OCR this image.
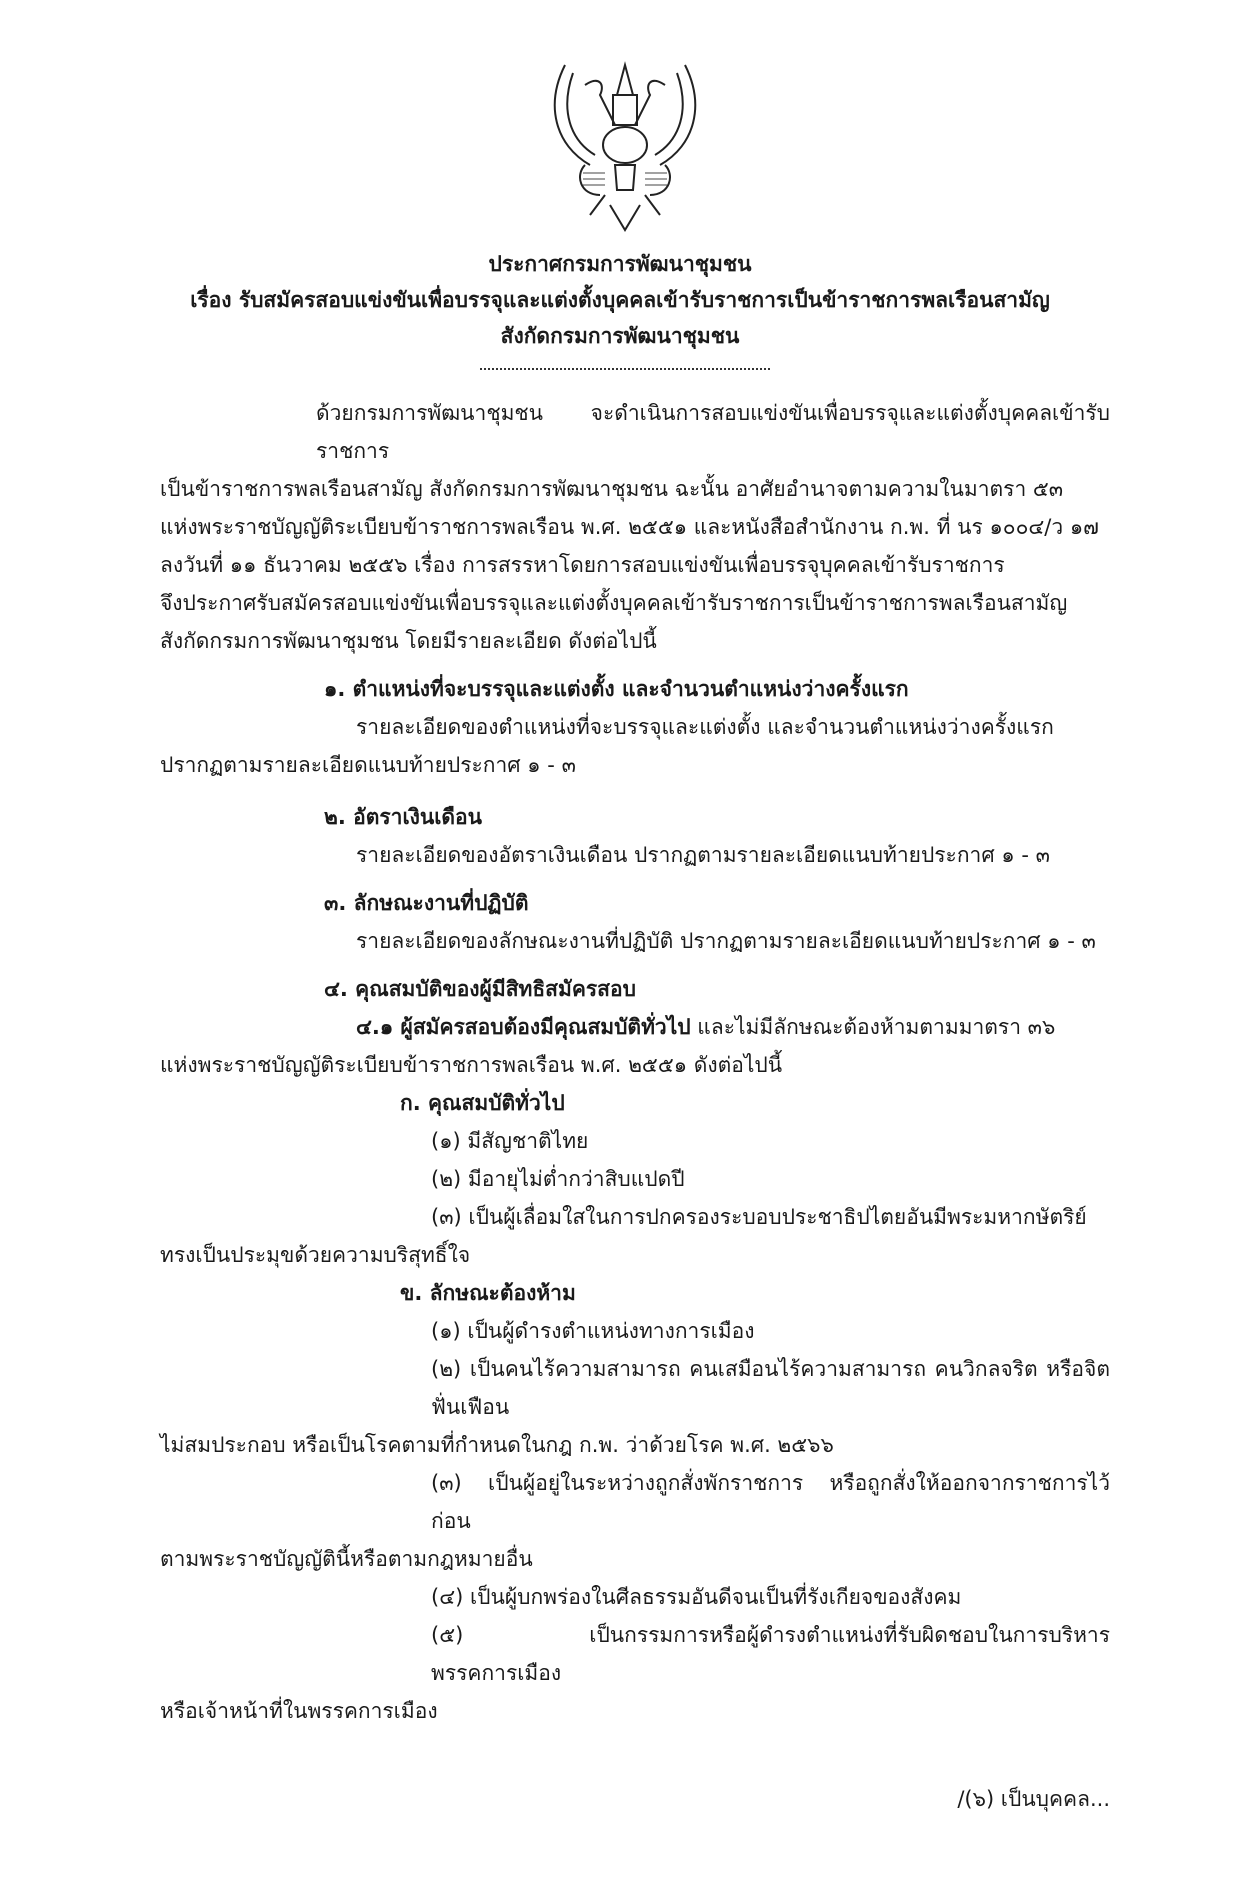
ประกาศกรมการพัฒนาชุมชน
เรื่อง รับสมัครสอบแข่งขันเพื่อบรรจุและแต่งตั้งบุคคลเข้ารับราชการเป็นข้าราชการพลเรือนสามัญ
สังกัดกรมการพัฒนาชุมชน
ด้วยกรมการพัฒนาชุมชน จะดำเนินการสอบแข่งขันเพื่อบรรจุและแต่งตั้งบุคคลเข้ารับราชการ
เป็นข้าราชการพลเรือนสามัญ สังกัดกรมการพัฒนาชุมชน ฉะนั้น อาศัยอำนาจตามความในมาตรา ๕๓
แห่งพระราชบัญญัติระเบียบข้าราชการพลเรือน พ.ศ. ๒๕๕๑ และหนังสือสำนักงาน ก.พ. ที่ นร ๑๐๐๔/ว ๑๗
ลงวันที่ ๑๑ ธันวาคม ๒๕๕๖ เรื่อง การสรรหาโดยการสอบแข่งขันเพื่อบรรจุบุคคลเข้ารับราชการ
จึงประกาศรับสมัครสอบแข่งขันเพื่อบรรจุและแต่งตั้งบุคคลเข้ารับราชการเป็นข้าราชการพลเรือนสามัญ
สังกัดกรมการพัฒนาชุมชน โดยมีรายละเอียด ดังต่อไปนี้
๑. ตำแหน่งที่จะบรรจุและแต่งตั้ง และจำนวนตำแหน่งว่างครั้งแรก
รายละเอียดของตำแหน่งที่จะบรรจุและแต่งตั้ง และจำนวนตำแหน่งว่างครั้งแรก
ปรากฏตามรายละเอียดแนบท้ายประกาศ ๑ - ๓
๒. อัตราเงินเดือน
รายละเอียดของอัตราเงินเดือน ปรากฏตามรายละเอียดแนบท้ายประกาศ ๑ - ๓
๓. ลักษณะงานที่ปฏิบัติ
รายละเอียดของลักษณะงานที่ปฏิบัติ ปรากฏตามรายละเอียดแนบท้ายประกาศ ๑ - ๓
๔. คุณสมบัติของผู้มีสิทธิสมัครสอบ
๔.๑ ผู้สมัครสอบต้องมีคุณสมบัติทั่วไป และไม่มีลักษณะต้องห้ามตามมาตรา ๓๖
แห่งพระราชบัญญัติระเบียบข้าราชการพลเรือน พ.ศ. ๒๕๕๑ ดังต่อไปนี้
ก. คุณสมบัติทั่วไป
(๑) มีสัญชาติไทย
(๒) มีอายุไม่ต่ำกว่าสิบแปดปี
(๓) เป็นผู้เลื่อมใสในการปกครองระบอบประชาธิปไตยอันมีพระมหากษัตริย์
ทรงเป็นประมุขด้วยความบริสุทธิ์ใจ
ข. ลักษณะต้องห้าม
(๑) เป็นผู้ดำรงตำแหน่งทางการเมือง
(๒) เป็นคนไร้ความสามารถ คนเสมือนไร้ความสามารถ คนวิกลจริต หรือจิตฟั่นเฟือน
ไม่สมประกอบ หรือเป็นโรคตามที่กำหนดในกฎ ก.พ. ว่าด้วยโรค พ.ศ. ๒๕๖๖
(๓) เป็นผู้อยู่ในระหว่างถูกสั่งพักราชการ หรือถูกสั่งให้ออกจากราชการไว้ก่อน
ตามพระราชบัญญัตินี้หรือตามกฎหมายอื่น
(๔) เป็นผู้บกพร่องในศีลธรรมอันดีจนเป็นที่รังเกียจของสังคม
(๕) เป็นกรรมการหรือผู้ดำรงตำแหน่งที่รับผิดชอบในการบริหารพรรคการเมือง
หรือเจ้าหน้าที่ในพรรคการเมือง
/(๖) เป็นบุคคล...
